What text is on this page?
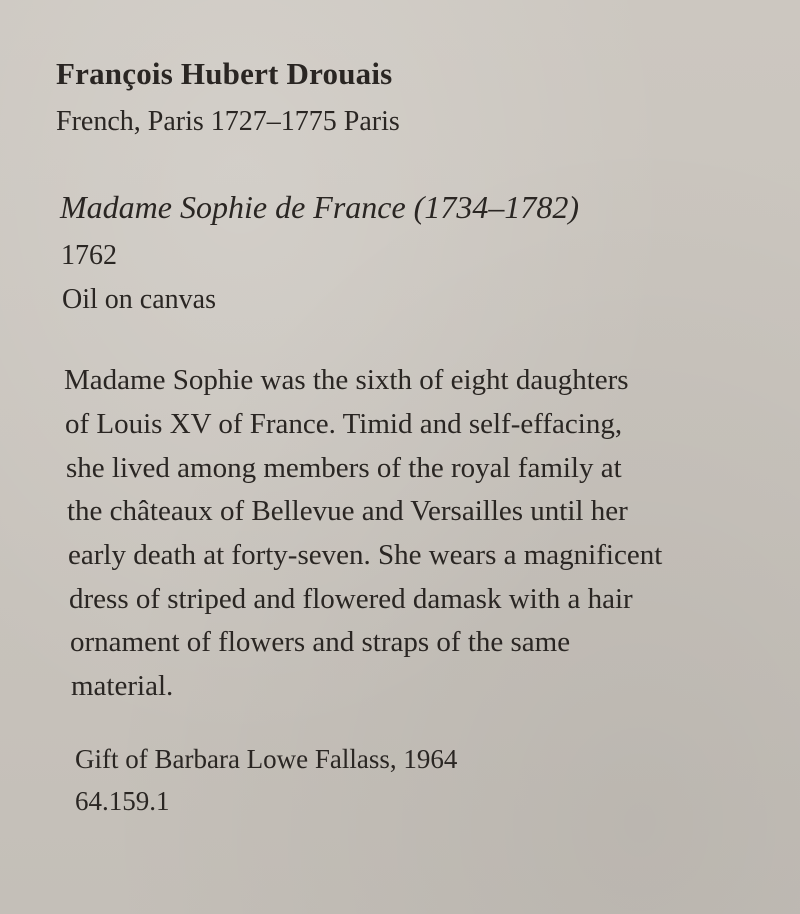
François Hubert Drouais
French, Paris 1727–1775 Paris
Madame Sophie de France (1734–1782)
1762
Oil on canvas
Madame Sophie was the sixth of eight daughters
of Louis XV of France. Timid and self-effacing,
she lived among members of the royal family at
the châteaux of Bellevue and Versailles until her
early death at forty-seven. She wears a magnificent
dress of striped and flowered damask with a hair
ornament of flowers and straps of the same
material.
Gift of Barbara Lowe Fallass, 1964
64.159.1
